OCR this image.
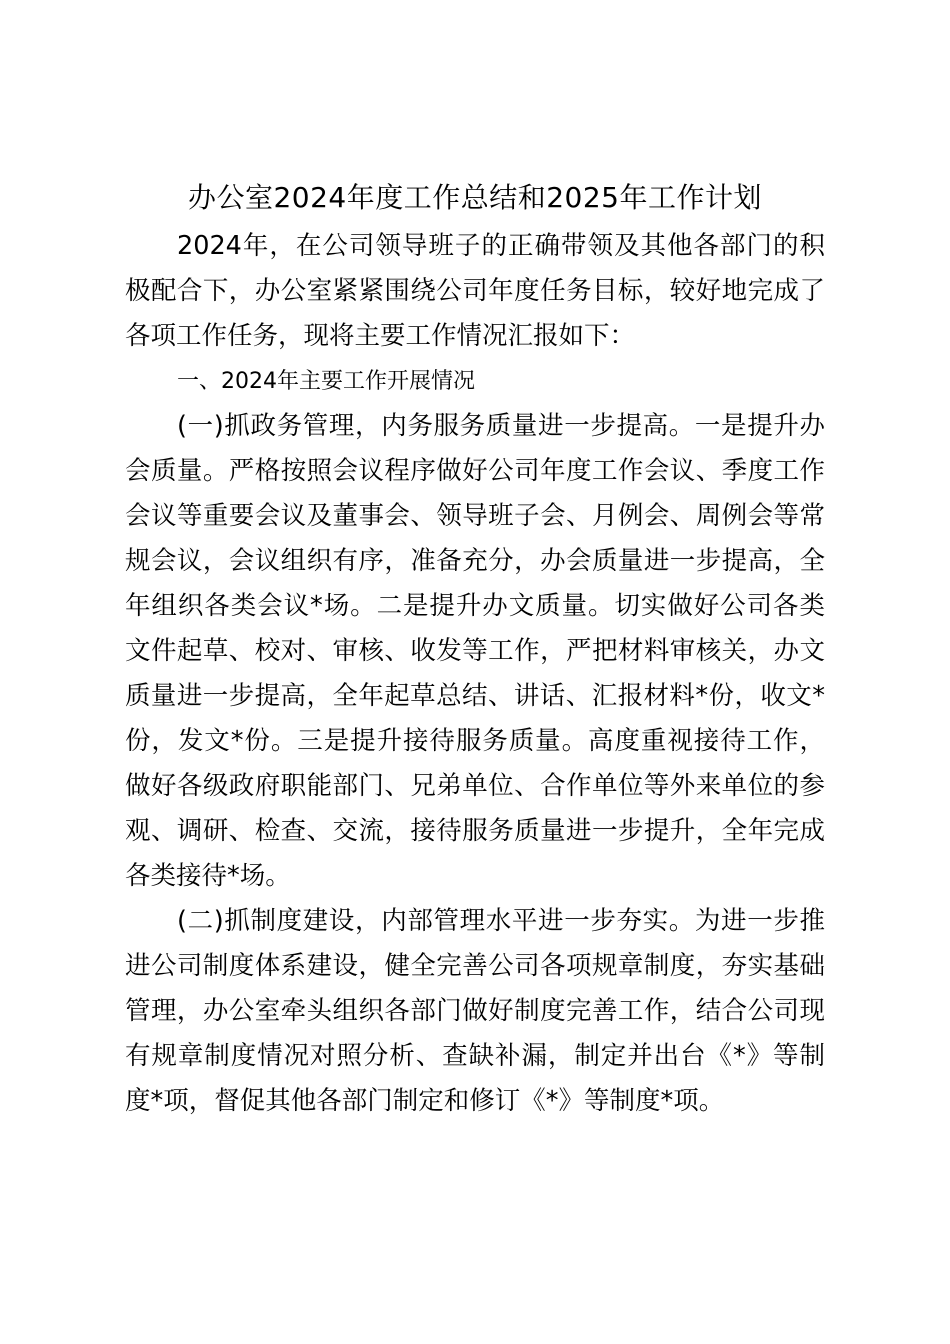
办公室2024年度工作总结和2025年工作计划

2024年，在公司领导班子的正确带领及其他各部门的积极配合下，办公室紧紧围绕公司年度任务目标，较好地完成了各项工作任务，现将主要工作情况汇报如下：

一、2024年主要工作开展情况

(一)抓政务管理，内务服务质量进一步提高。一是提升办会质量。严格按照会议程序做好公司年度工作会议、季度工作会议等重要会议及董事会、领导班子会、月例会、周例会等常规会议，会议组织有序，准备充分，办会质量进一步提高，全年组织各类会议*场。二是提升办文质量。切实做好公司各类文件起草、校对、审核、收发等工作，严把材料审核关，办文质量进一步提高，全年起草总结、讲话、汇报材料*份，收文*份，发文*份。三是提升接待服务质量。高度重视接待工作，做好各级政府职能部门、兄弟单位、合作单位等外来单位的参观、调研、检查、交流，接待服务质量进一步提升，全年完成各类接待*场。

(二)抓制度建设，内部管理水平进一步夯实。为进一步推进公司制度体系建设，健全完善公司各项规章制度，夯实基础管理，办公室牵头组织各部门做好制度完善工作，结合公司现有规章制度情况对照分析、查缺补漏，制定并出台《*》等制度*项，督促其他各部门制定和修订《*》等制度*项。
